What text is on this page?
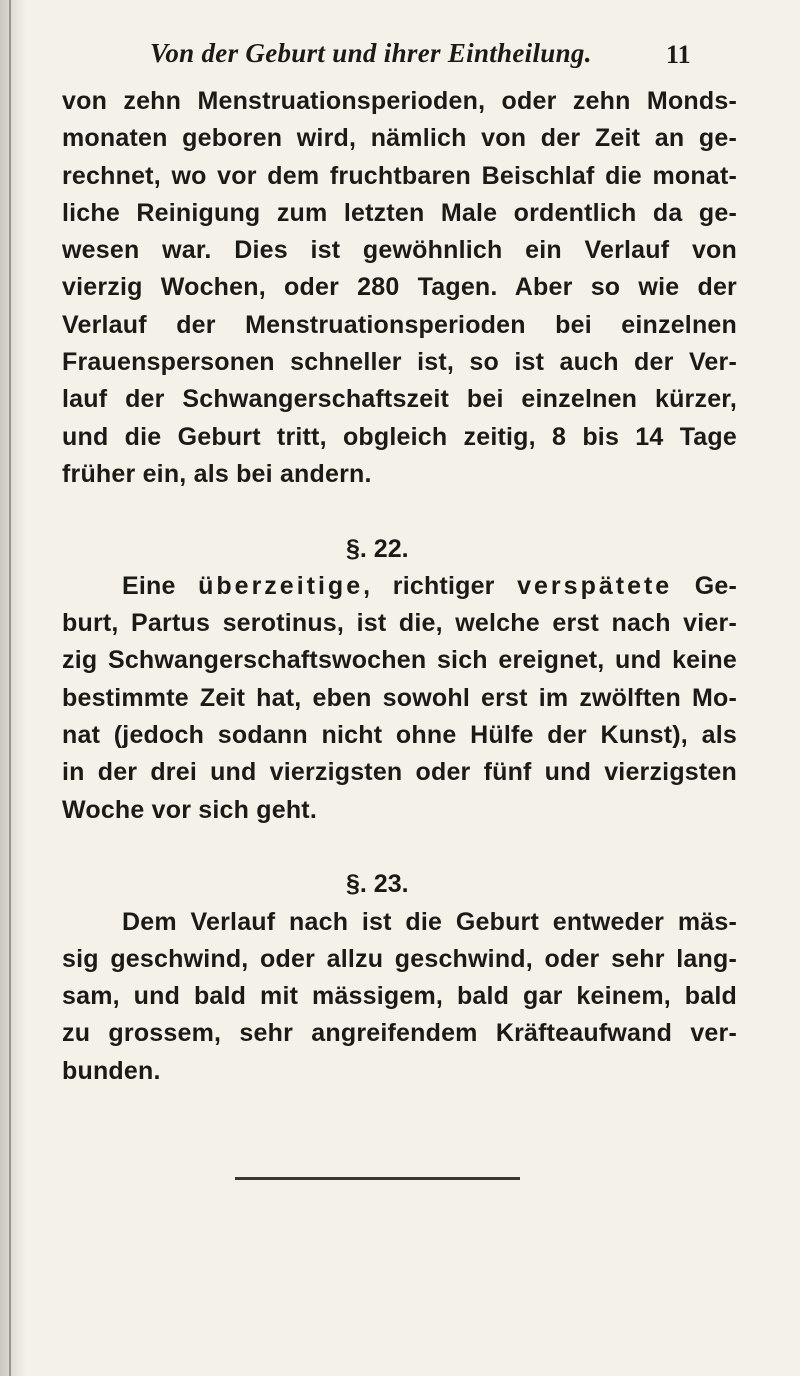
Von der Geburt und ihrer Eintheilung.	11
von zehn Menstruationsperioden, oder zehn Monds-
monaten geboren wird, nämlich von der Zeit an ge-
rechnet, wo vor dem fruchtbaren Beischlaf die monat-
liche Reinigung zum letzten Male ordentlich da ge-
wesen war. Dies ist gewöhnlich ein Verlauf von
vierzig Wochen, oder 280 Tagen. Aber so wie der
Verlauf der Menstruationsperioden bei einzelnen
Frauenspersonen schneller ist, so ist auch der Ver-
lauf der Schwangerschaftszeit bei einzelnen kürzer,
und die Geburt tritt, obgleich zeitig, 8 bis 14 Tage
früher ein, als bei andern.
§. 22.
Eine überzeitige, richtiger verspätete Ge-
burt, Partus serotinus, ist die, welche erst nach vier-
zig Schwangerschaftswochen sich ereignet, und keine
bestimmte Zeit hat, eben sowohl erst im zwölften Mo-
nat (jedoch sodann nicht ohne Hülfe der Kunst), als
in der drei und vierzigsten oder fünf und vierzigsten
Woche vor sich geht.
§. 23.
Dem Verlauf nach ist die Geburt entweder mäs-
sig geschwind, oder allzu geschwind, oder sehr lang-
sam, und bald mit mässigem, bald gar keinem, bald
zu grossem, sehr angreifendem Kräfteaufwand ver-
bunden.
